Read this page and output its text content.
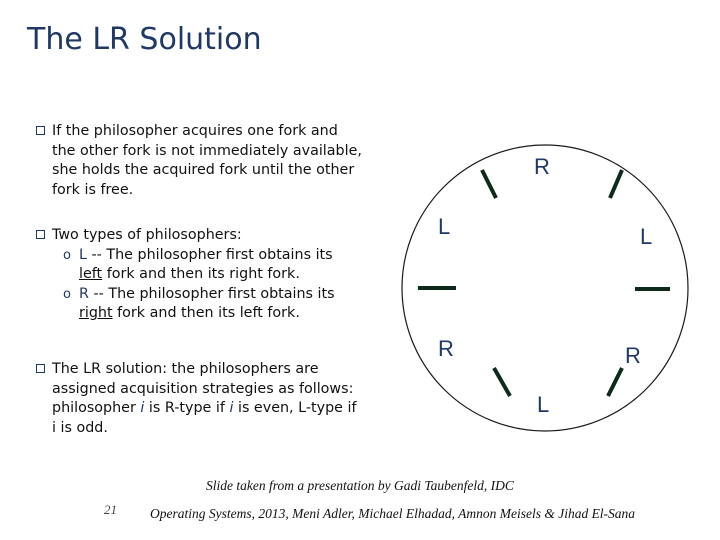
The LR Solution
If the philosopher acquires one fork and the other fork is not immediately available, she holds the acquired fork until the other fork is free.
Two types of philosophers:
o L -- The philosopher first obtains its left fork and then its right fork.
o R -- The philosopher first obtains its right fork and then its left fork.
The LR solution: the philosophers are assigned acquisition strategies as follows: philosopher i is R-type if i is even, L-type if i is odd.
R
L	L
R	R
L
Slide taken from a presentation by Gadi Taubenfeld, IDC
21 Operating Systems, 2013, Meni Adler, Michael Elhadad, Amnon Meisels & Jihad El-Sana
